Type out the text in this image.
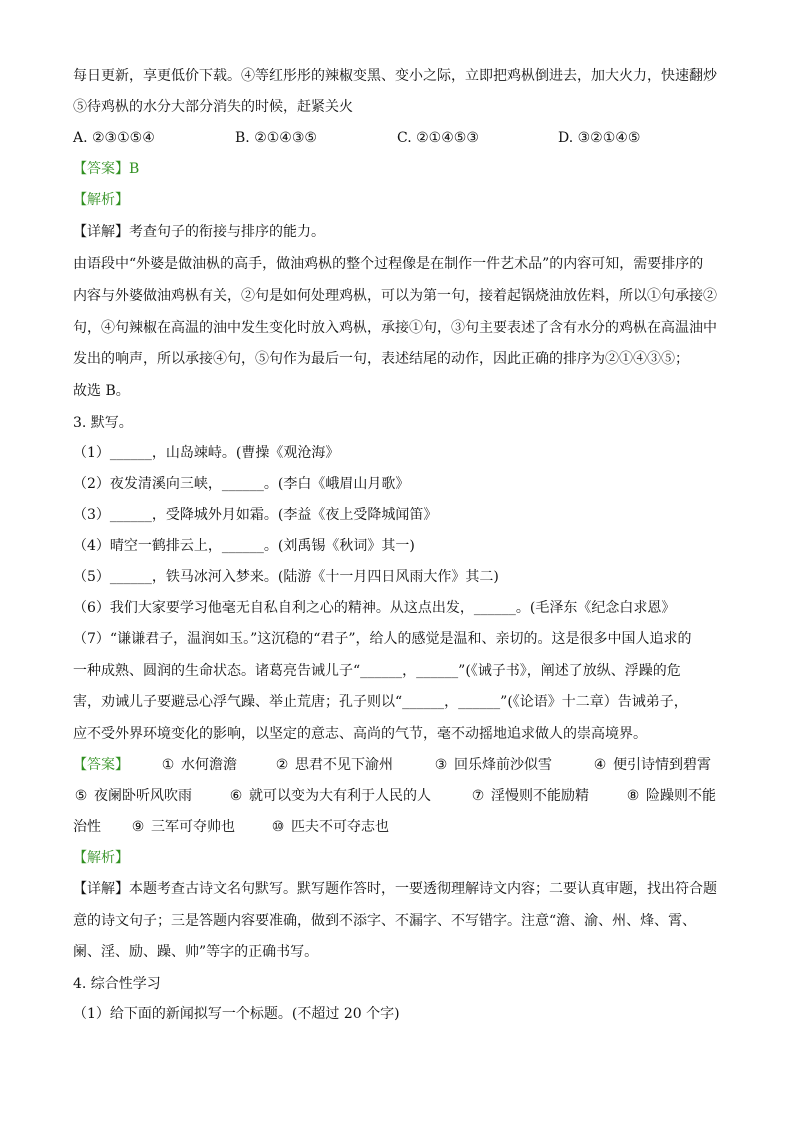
每日更新，享更低价下载。④等红彤彤的辣椒变黑、变小之际，立即把鸡枞倒进去，加大火力，快速翻炒
⑤待鸡枞的水分大部分消失的时候，赶紧关火
A. ②③①⑤④	B. ②①④③⑤	C. ②①④⑤③	D. ③②①④⑤
【答案】B
【解析】
【详解】考查句子的衔接与排序的能力。
由语段中“外婆是做油枞的高手，做油鸡枞的整个过程像是在制作一件艺术品”的内容可知，需要排序的
内容与外婆做油鸡枞有关，②句是如何处理鸡枞，可以为第一句，接着起锅烧油放佐料，所以①句承接②
句，④句辣椒在高温的油中发生变化时放入鸡枞，承接①句，③句主要表述了含有水分的鸡枞在高温油中
发出的响声，所以承接④句，⑤句作为最后一句，表述结尾的动作，因此正确的排序为②①④③⑤；
故选 B。
3. 默写。
（1）______，山岛竦峙。(曹操《观沧海》
（2）夜发清溪向三峡，______。(李白《峨眉山月歌》
（3）______，受降城外月如霜。(李益《夜上受降城闻笛》
（4）晴空一鹤排云上，______。(刘禹锡《秋词》其一)
（5）______，铁马冰河入梦来。(陆游《十一月四日风雨大作》其二)
（6）我们大家要学习他毫无自私自利之心的精神。从这点出发，______。(毛泽东《纪念白求恩》
（7）“谦谦君子，温润如玉。”这沉稳的“君子”，给人的感觉是温和、亲切的。这是很多中国人追求的
一种成熟、圆润的生命状态。诸葛亮告诫儿子“______，______”(《诫子书》，阐述了放纵、浮躁的危
害，劝诫儿子要避忌心浮气躁、举止荒唐；孔子则以“______，______”(《论语》十二章）告诫弟子，
应不受外界环境变化的影响，以坚定的意志、高尚的气节，毫不动摇地追求做人的崇高境界。
【答案】 ① 水何澹澹	② 思君不见下渝州	③ 回乐烽前沙似雪	④ 便引诗情到碧霄
⑤ 夜阑卧听风吹雨	⑥ 就可以变为大有利于人民的人	⑦ 淫慢则不能励精	⑧ 险躁则不能
治性 ⑨ 三军可夺帅也	⑩ 匹夫不可夺志也
【解析】
【详解】本题考查古诗文名句默写。默写题作答时，一要透彻理解诗文内容；二要认真审题，找出符合题
意的诗文句子；三是答题内容要准确，做到不添字、不漏字、不写错字。注意“澹、渝、州、烽、霄、
阑、淫、励、躁、帅”等字的正确书写。
4. 综合性学习
（1）给下面的新闻拟写一个标题。(不超过 20 个字)
